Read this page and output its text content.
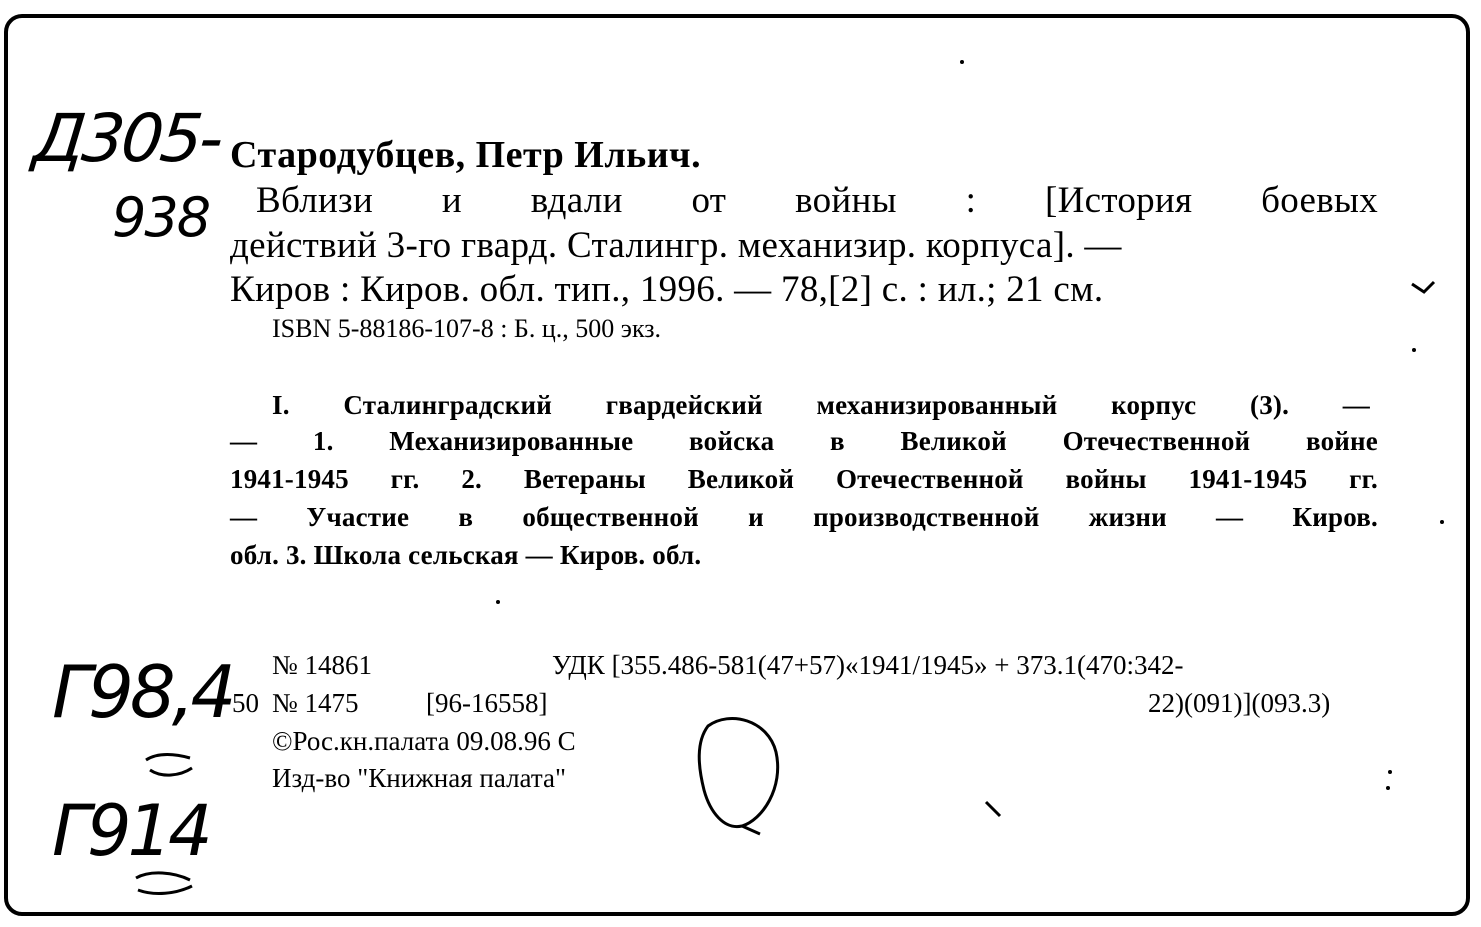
Д305-
938
Г98,4
Г914
Стародубцев, Петр Ильич.
Вблизи и вдали от войны : [История боевых
действий 3-го гвард. Сталингр. механизир. корпуса]. —
Киров : Киров. обл. тип., 1996. — 78,[2] с. : ил.; 21 см.
ISBN 5-88186-107-8 : Б. ц., 500 экз.
I. Сталинградский гвардейский механизированный корпус (3). —
— 1. Механизированные войска в Великой Отечественной войне
1941-1945 гг. 2. Ветераны Великой Отечественной войны 1941-1945 гг.
— Участие в общественной и производственной жизни — Киров.
обл. 3. Школа сельская — Киров. обл.
№ 14861	УДК [355.486-581(47+57)«1941/1945» + 373.1(470:342-
50 № 1475 [96-16558]	22)(091)](093.3)
©Рос.кн.палата 09.08.96 С
Изд-во "Книжная палата"
